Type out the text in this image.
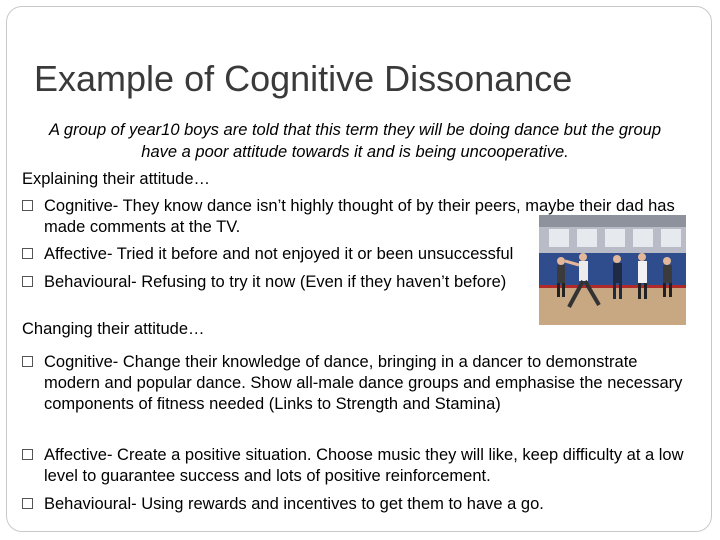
Example of Cognitive Dissonance
A group of year10 boys are told that this term they will be doing dance but the group have a poor attitude towards it and is being uncooperative.
Explaining their attitude…
Cognitive- They know dance isn’t highly thought of by their peers, maybe their dad has made comments at the TV.
Affective- Tried it before and not enjoyed it or been unsuccessful
Behavioural- Refusing to try it now (Even if they haven’t before)
Changing their attitude…
Cognitive- Change their knowledge of dance, bringing in a dancer to demonstrate modern and popular dance. Show all-male dance groups and emphasise the necessary components of fitness needed (Links to Strength and Stamina)
Affective- Create a positive situation. Choose music they will like, keep difficulty at a low level to guarantee success and lots of positive reinforcement.
Behavioural- Using rewards and incentives to get them to have a go.
